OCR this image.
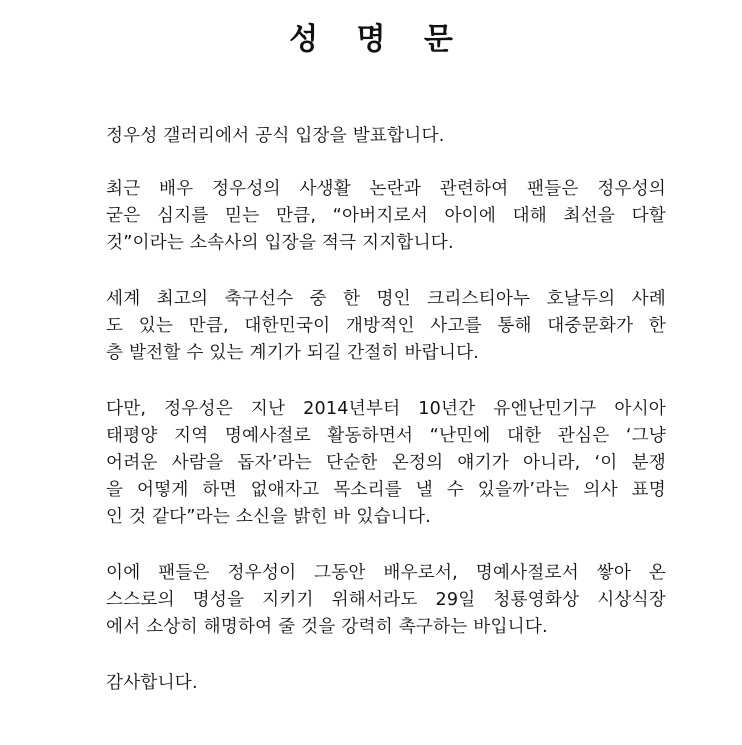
성 명 문
정우성 갤러리에서 공식 입장을 발표합니다.
최근 배우 정우성의 사생활 논란과 관련하여 팬들은 정우성의
굳은 심지를 믿는 만큼, “아버지로서 아이에 대해 최선을 다할
것”이라는 소속사의 입장을 적극 지지합니다.
세계 최고의 축구선수 중 한 명인 크리스티아누 호날두의 사례
도 있는 만큼, 대한민국이 개방적인 사고를 통해 대중문화가 한
층 발전할 수 있는 계기가 되길 간절히 바랍니다.
다만, 정우성은 지난 2014년부터 10년간 유엔난민기구 아시아
태평양 지역 명예사절로 활동하면서 “난민에 대한 관심은 ‘그냥
어려운 사람을 돕자’라는 단순한 온정의 얘기가 아니라, ‘이 분쟁
을 어떻게 하면 없애자고 목소리를 낼 수 있을까’라는 의사 표명
인 것 같다”라는 소신을 밝힌 바 있습니다.
이에 팬들은 정우성이 그동안 배우로서, 명예사절로서 쌓아 온
스스로의 명성을 지키기 위해서라도 29일 청룡영화상 시상식장
에서 소상히 해명하여 줄 것을 강력히 촉구하는 바입니다.
감사합니다.
